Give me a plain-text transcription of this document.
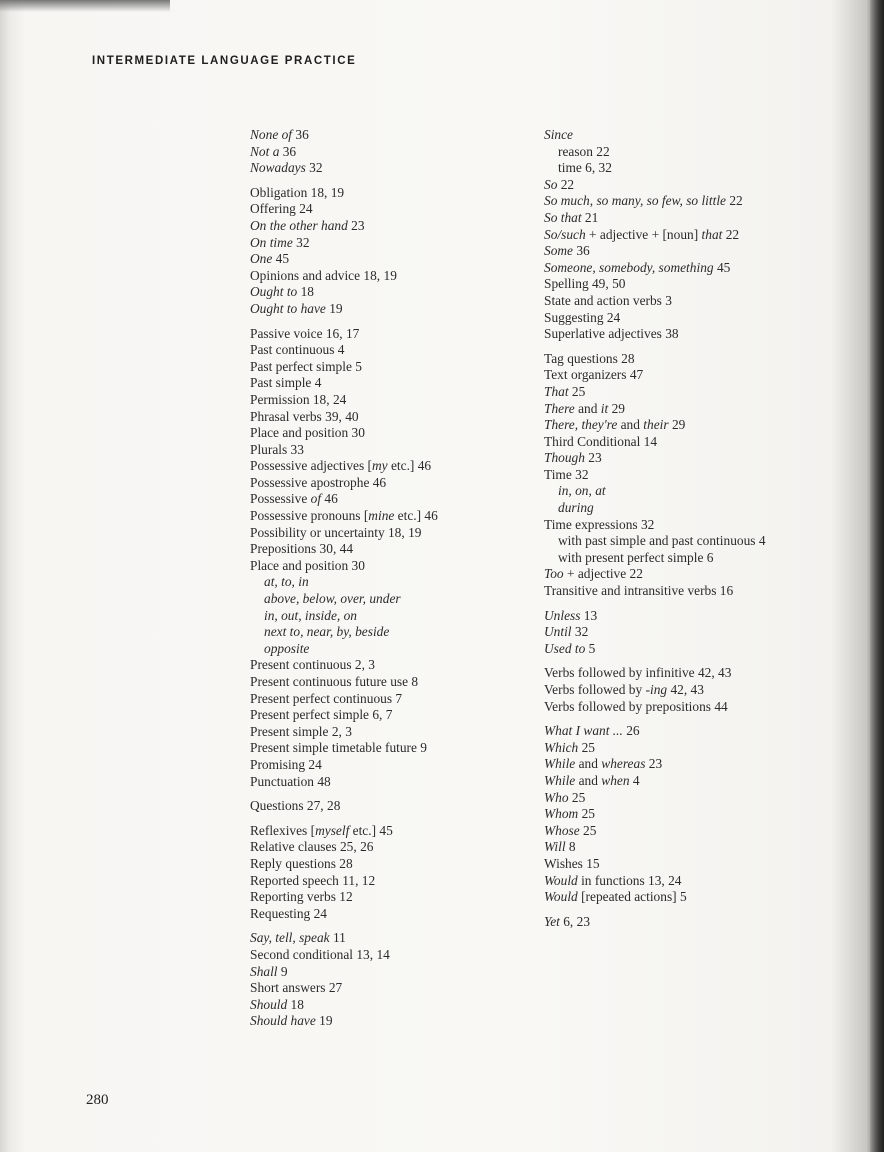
INTERMEDIATE LANGUAGE PRACTICE
None of 36
Not a 36
Nowadays 32
Obligation 18, 19
Offering 24
On the other hand 23
On time 32
One 45
Opinions and advice 18, 19
Ought to 18
Ought to have 19
Passive voice 16, 17
Past continuous 4
Past perfect simple 5
Past simple 4
Permission 18, 24
Phrasal verbs 39, 40
Place and position 30
Plurals 33
Possessive adjectives [my etc.] 46
Possessive apostrophe 46
Possessive of 46
Possessive pronouns [mine etc.] 46
Possibility or uncertainty 18, 19
Prepositions 30, 44
Place and position 30
at, to, in
above, below, over, under
in, out, inside, on
next to, near, by, beside
opposite
Present continuous 2, 3
Present continuous future use 8
Present perfect continuous 7
Present perfect simple 6, 7
Present simple 2, 3
Present simple timetable future 9
Promising 24
Punctuation 48
Questions 27, 28
Reflexives [myself etc.] 45
Relative clauses 25, 26
Reply questions 28
Reported speech 11, 12
Reporting verbs 12
Requesting 24
Say, tell, speak 11
Second conditional 13, 14
Shall 9
Short answers 27
Should 18
Should have 19
Since
reason 22
time 6, 32
So 22
So much, so many, so few, so little 22
So that 21
So/such + adjective + [noun] that 22
Some 36
Someone, somebody, something 45
Spelling 49, 50
State and action verbs 3
Suggesting 24
Superlative adjectives 38
Tag questions 28
Text organizers 47
That 25
There and it 29
There, they're and their 29
Third Conditional 14
Though 23
Time 32
in, on, at
during
Time expressions 32
with past simple and past continuous 4
with present perfect simple 6
Too + adjective 22
Transitive and intransitive verbs 16
Unless 13
Until 32
Used to 5
Verbs followed by infinitive 42, 43
Verbs followed by -ing 42, 43
Verbs followed by prepositions 44
What I want ... 26
Which 25
While and whereas 23
While and when 4
Who 25
Whom 25
Whose 25
Will 8
Wishes 15
Would in functions 13, 24
Would [repeated actions] 5
Yet 6, 23
280
